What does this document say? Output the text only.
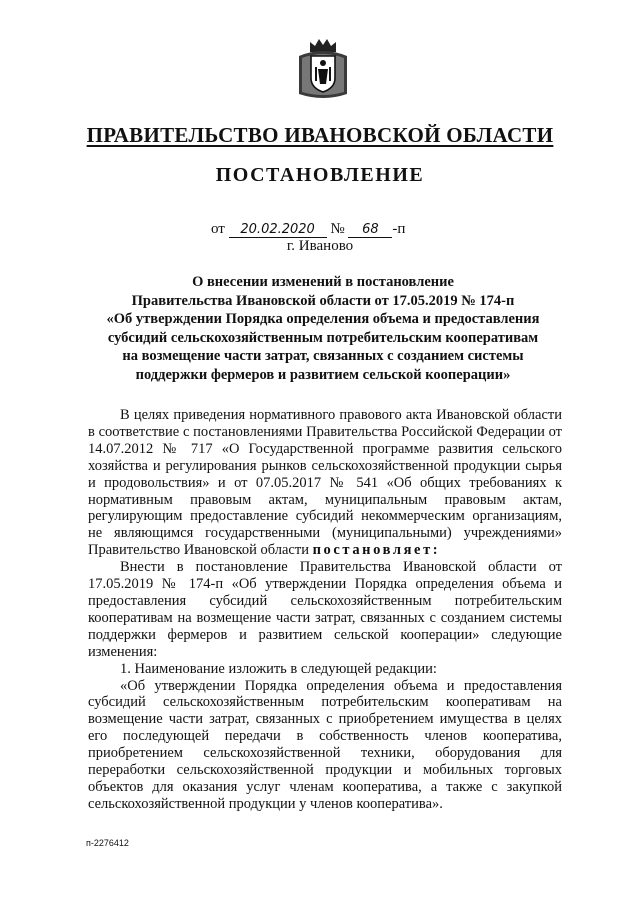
ПРАВИТЕЛЬСТВО ИВАНОВСКОЙ ОБЛАСТИ
ПОСТАНОВЛЕНИЕ
от 20.02.2020 № 68 -п
г. Иваново
О внесении изменений в постановление
Правительства Ивановской области от 17.05.2019 № 174-п
«Об утверждении Порядка определения объема и предоставления
субсидий сельскохозяйственным потребительским кооперативам
на возмещение части затрат, связанных с созданием системы
поддержки фермеров и развитием сельской кооперации»

В целях приведения нормативного правового акта Ивановской области в соответствие с постановлениями Правительства Российской Федерации от 14.07.2012 № 717 «О Государственной программе развития сельского хозяйства и регулирования рынков сельскохозяйственной продукции сырья и продовольствия» и от 07.05.2017 № 541 «Об общих требованиях к нормативным правовым актам, муниципальным правовым актам, регулирующим предоставление субсидий некоммерческим организациям, не являющимся государственными (муниципальными) учреждениями» Правительство Ивановской области постановляет:

Внести в постановление Правительства Ивановской области от 17.05.2019 № 174-п «Об утверждении Порядка определения объема и предоставления субсидий сельскохозяйственным потребительским кооперативам на возмещение части затрат, связанных с созданием системы поддержки фермеров и развитием сельской кооперации» следующие изменения:

1. Наименование изложить в следующей редакции:

«Об утверждении Порядка определения объема и предоставления субсидий сельскохозяйственным потребительским кооперативам на возмещение части затрат, связанных с приобретением имущества в целях его последующей передачи в собственность членов кооператива, приобретением сельскохозяйственной техники, оборудования для переработки сельскохозяйственной продукции и мобильных торговых объектов для оказания услуг членам кооператива, а также с закупкой сельскохозяйственной продукции у членов кооператива».

п-2276412
